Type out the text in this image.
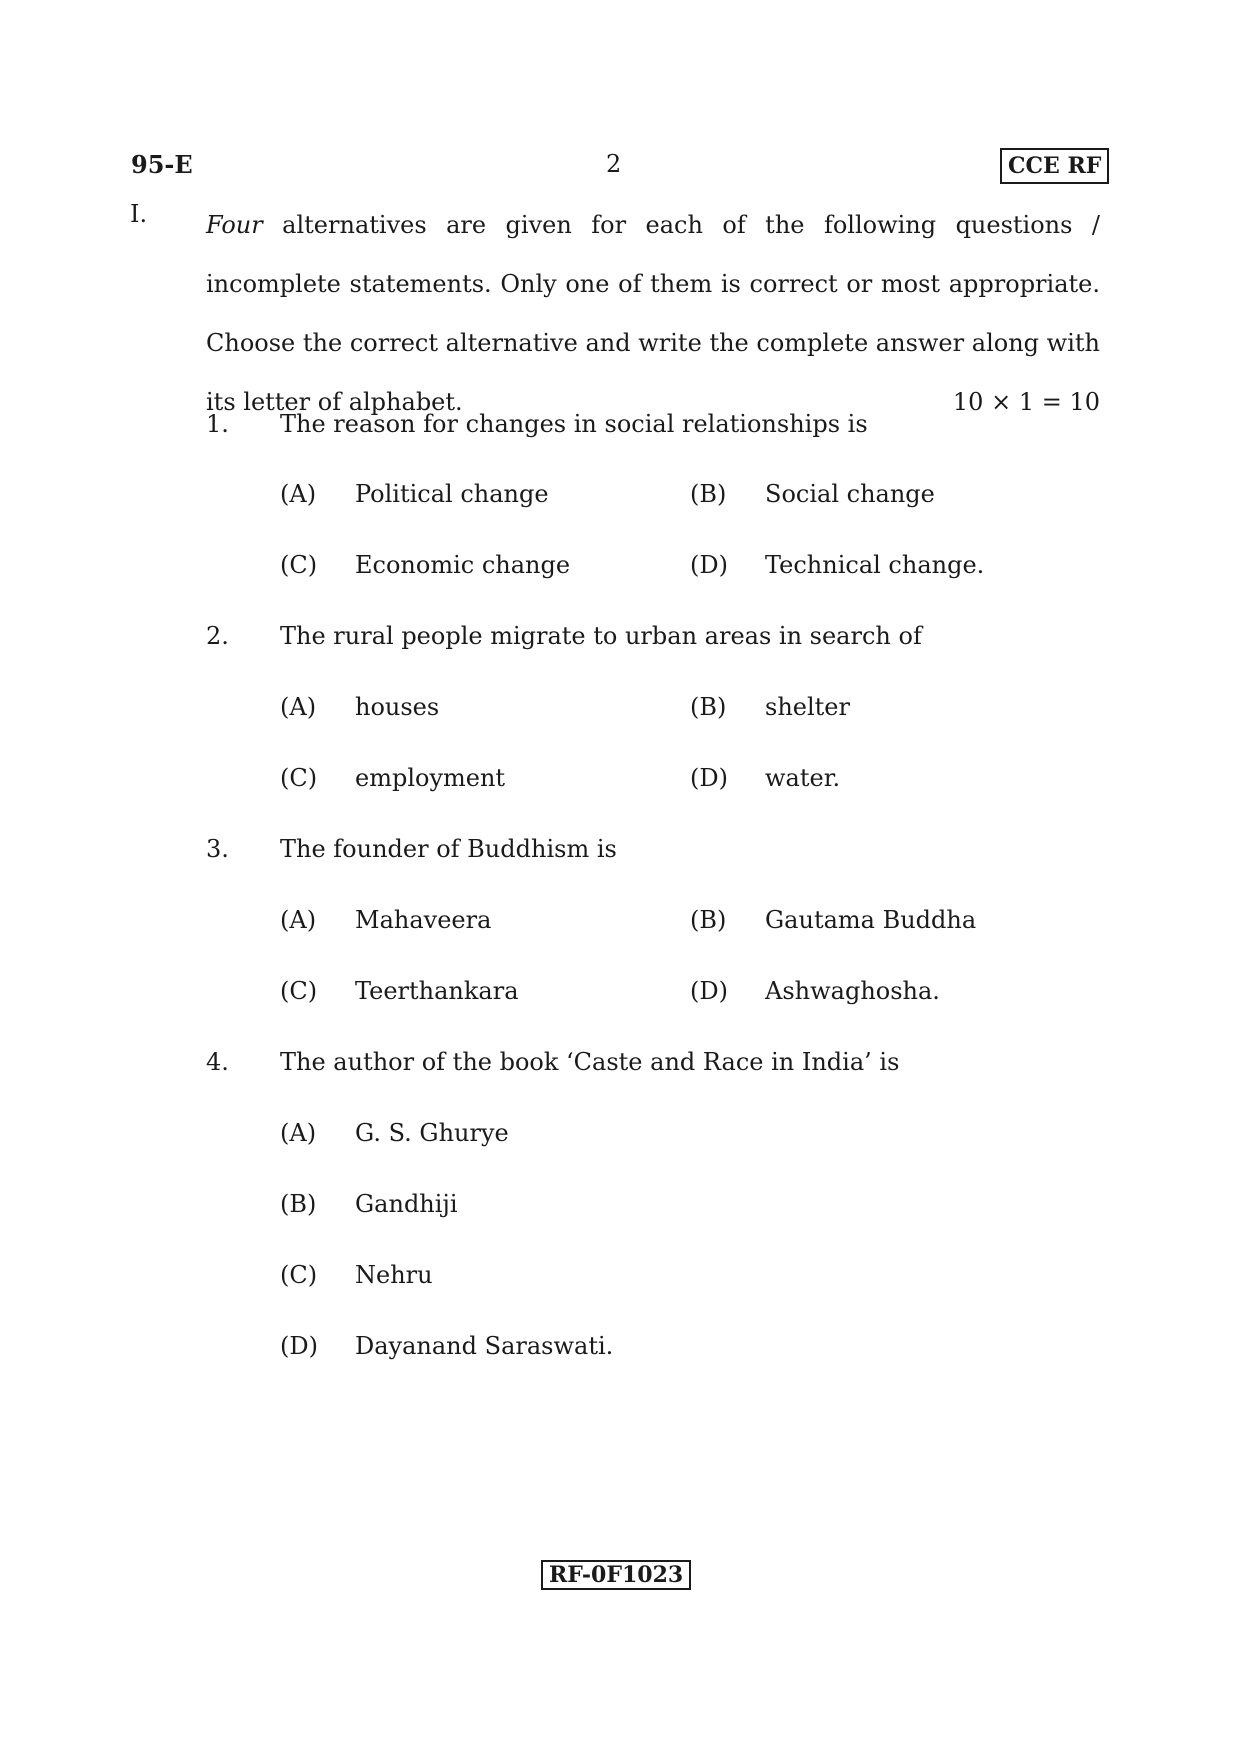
95-E	2	CCE RF
I. Four alternatives are given for each of the following questions / incomplete statements. Only one of them is correct or most appropriate. Choose the correct alternative and write the complete answer along with its letter of alphabet.	10 × 1 = 10
1. The reason for changes in social relationships is
(A) Political change	(B) Social change
(C) Economic change	(D) Technical change.
2. The rural people migrate to urban areas in search of
(A) houses	(B) shelter
(C) employment	(D) water.
3. The founder of Buddhism is
(A) Mahaveera	(B) Gautama Buddha
(C) Teerthankara	(D) Ashwaghosha.
4. The author of the book ‘Caste and Race in India’ is
(A) G. S. Ghurye
(B) Gandhiji
(C) Nehru
(D) Dayanand Saraswati.
RF-0F1023
